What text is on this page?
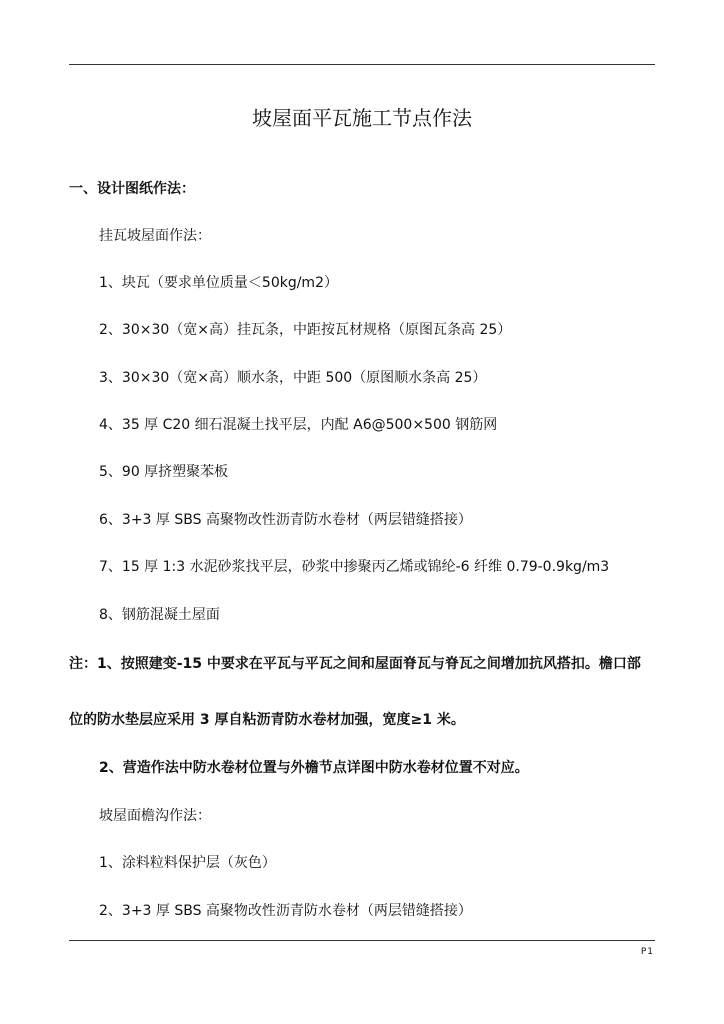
坡屋面平瓦施工节点作法
一、设计图纸作法：
挂瓦坡屋面作法：
1、块瓦（要求单位质量＜50kg/m2）
2、30×30（宽×高）挂瓦条，中距按瓦材规格（原图瓦条高 25）
3、30×30（宽×高）顺水条，中距 500（原图顺水条高 25）
4、35 厚 C20 细石混凝土找平层，内配 A6@500×500 钢筋网
5、90 厚挤塑聚苯板
6、3+3 厚 SBS 高聚物改性沥青防水卷材（两层错缝搭接）
7、15 厚 1:3 水泥砂浆找平层，砂浆中掺聚丙乙烯或锦纶-6 纤维 0.79-0.9kg/m3
8、钢筋混凝土屋面
注：1、按照建变-15 中要求在平瓦与平瓦之间和屋面脊瓦与脊瓦之间增加抗风搭扣。檐口部
位的防水垫层应采用 3 厚自粘沥青防水卷材加强，宽度≥1 米。
2、营造作法中防水卷材位置与外檐节点详图中防水卷材位置不对应。
坡屋面檐沟作法：
1、涂料粒料保护层（灰色）
2、3+3 厚 SBS 高聚物改性沥青防水卷材（两层错缝搭接）
P1
